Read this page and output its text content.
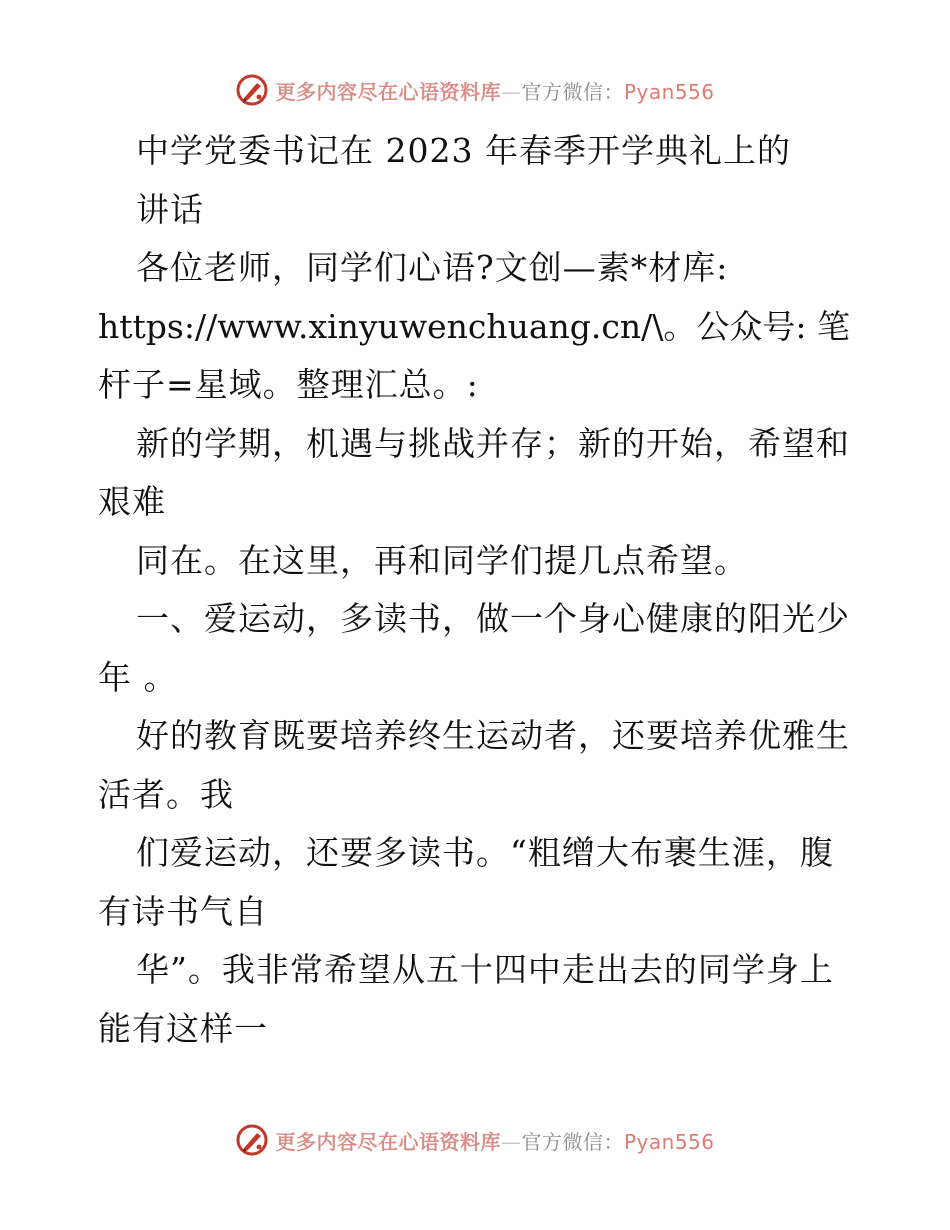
更多内容尽在心语资料库—官方微信：Pyan556
中学党委书记在 2023 年春季开学典礼上的
讲话
各位老师，同学们心语?文创—素*材库:
https://www.xinyuwenchuang.cn/\。公众号: 笔
杆子=星域。整理汇总。:
新的学期，机遇与挑战并存；新的开始，希望和
艰难
同在。在这里，再和同学们提几点希望。
一、爱运动，多读书，做一个身心健康的阳光少
年 。
好的教育既要培养终生运动者，还要培养优雅生
活者。我
们爱运动，还要多读书。“粗缯大布裹生涯，腹
有诗书气自
华”。我非常希望从五十四中走出去的同学身上
能有这样一
更多内容尽在心语资料库—官方微信：Pyan556
